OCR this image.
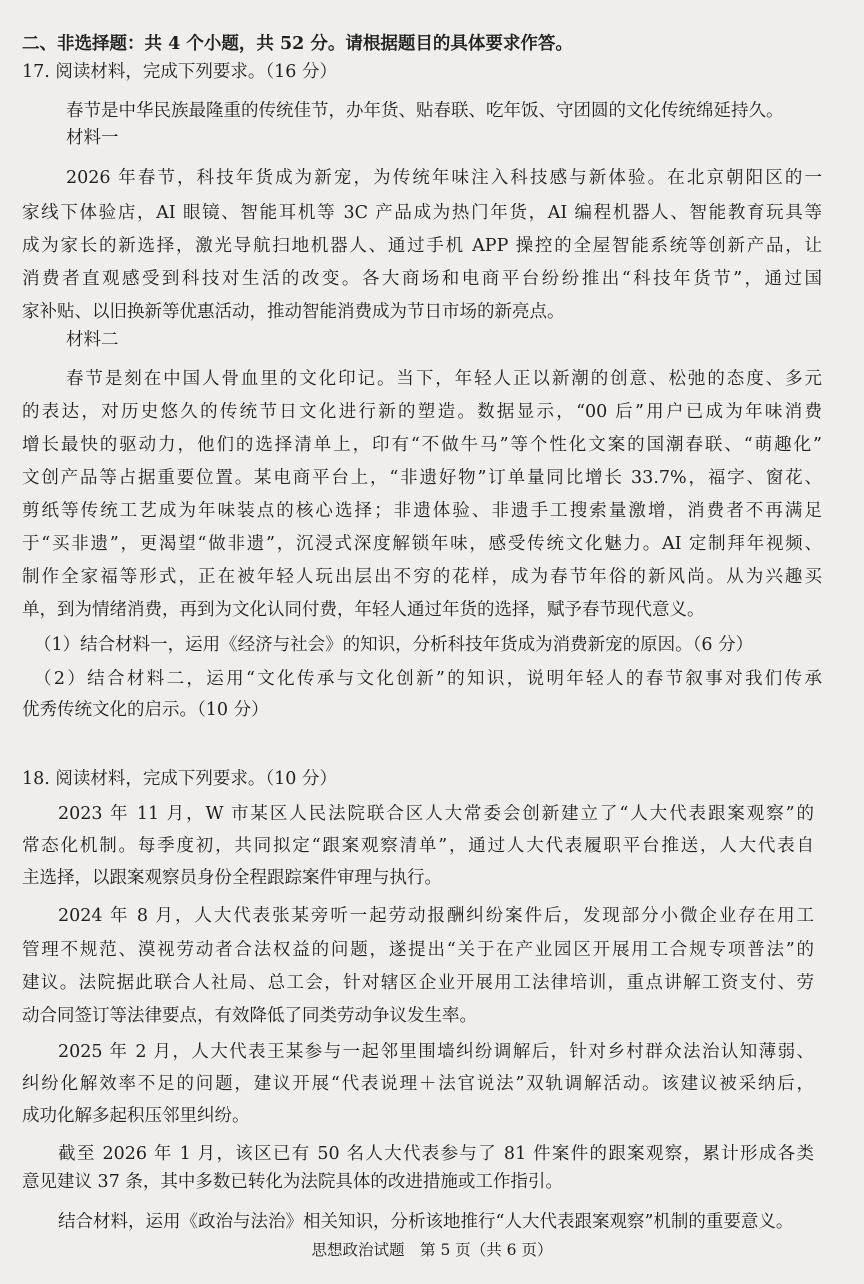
二、非选择题：共 4 个小题，共 52 分。请根据题目的具体要求作答。

17. 阅读材料，完成下列要求。（16 分）

春节是中华民族最隆重的传统佳节，办年货、贴春联、吃年饭、守团圆的文化传统绵延持久。

材料一

2026 年春节，科技年货成为新宠，为传统年味注入科技感与新体验。在北京朝阳区的一

家线下体验店，AI 眼镜、智能耳机等 3C 产品成为热门年货，AI 编程机器人、智能教育玩具等

成为家长的新选择，激光导航扫地机器人、通过手机 APP 操控的全屋智能系统等创新产品，让

消费者直观感受到科技对生活的改变。各大商场和电商平台纷纷推出“科技年货节”，通过国

家补贴、以旧换新等优惠活动，推动智能消费成为节日市场的新亮点。

材料二

春节是刻在中国人骨血里的文化印记。当下，年轻人正以新潮的创意、松弛的态度、多元

的表达，对历史悠久的传统节日文化进行新的塑造。数据显示，“00 后”用户已成为年味消费

增长最快的驱动力，他们的选择清单上，印有“不做牛马”等个性化文案的国潮春联、“萌趣化”

文创产品等占据重要位置。某电商平台上，“非遗好物”订单量同比增长 33.7%，福字、窗花、

剪纸等传统工艺成为年味装点的核心选择；非遗体验、非遗手工搜索量激增，消费者不再满足

于“买非遗”，更渴望“做非遗”，沉浸式深度解锁年味，感受传统文化魅力。AI 定制拜年视频、

制作全家福等形式，正在被年轻人玩出层出不穷的花样，成为春节年俗的新风尚。从为兴趣买

单，到为情绪消费，再到为文化认同付费，年轻人通过年货的选择，赋予春节现代意义。

（1）结合材料一，运用《经济与社会》的知识，分析科技年货成为消费新宠的原因。（6 分）

（2）结合材料二，运用“文化传承与文化创新”的知识，说明年轻人的春节叙事对我们传承

优秀传统文化的启示。（10 分）

18. 阅读材料，完成下列要求。（10 分）

2023 年 11 月，W 市某区人民法院联合区人大常委会创新建立了“人大代表跟案观察”的

常态化机制。每季度初，共同拟定“跟案观察清单”，通过人大代表履职平台推送，人大代表自

主选择，以跟案观察员身份全程跟踪案件审理与执行。

2024 年 8 月，人大代表张某旁听一起劳动报酬纠纷案件后，发现部分小微企业存在用工

管理不规范、漠视劳动者合法权益的问题，遂提出“关于在产业园区开展用工合规专项普法”的

建议。法院据此联合人社局、总工会，针对辖区企业开展用工法律培训，重点讲解工资支付、劳

动合同签订等法律要点，有效降低了同类劳动争议发生率。

2025 年 2 月，人大代表王某参与一起邻里围墙纠纷调解后，针对乡村群众法治认知薄弱、

纠纷化解效率不足的问题，建议开展“代表说理＋法官说法”双轨调解活动。该建议被采纳后，

成功化解多起积压邻里纠纷。

截至 2026 年 1 月，该区已有 50 名人大代表参与了 81 件案件的跟案观察，累计形成各类

意见建议 37 条，其中多数已转化为法院具体的改进措施或工作指引。

结合材料，运用《政治与法治》相关知识，分析该地推行“人大代表跟案观察”机制的重要意义。

思想政治试题　第 5 页（共 6 页）
